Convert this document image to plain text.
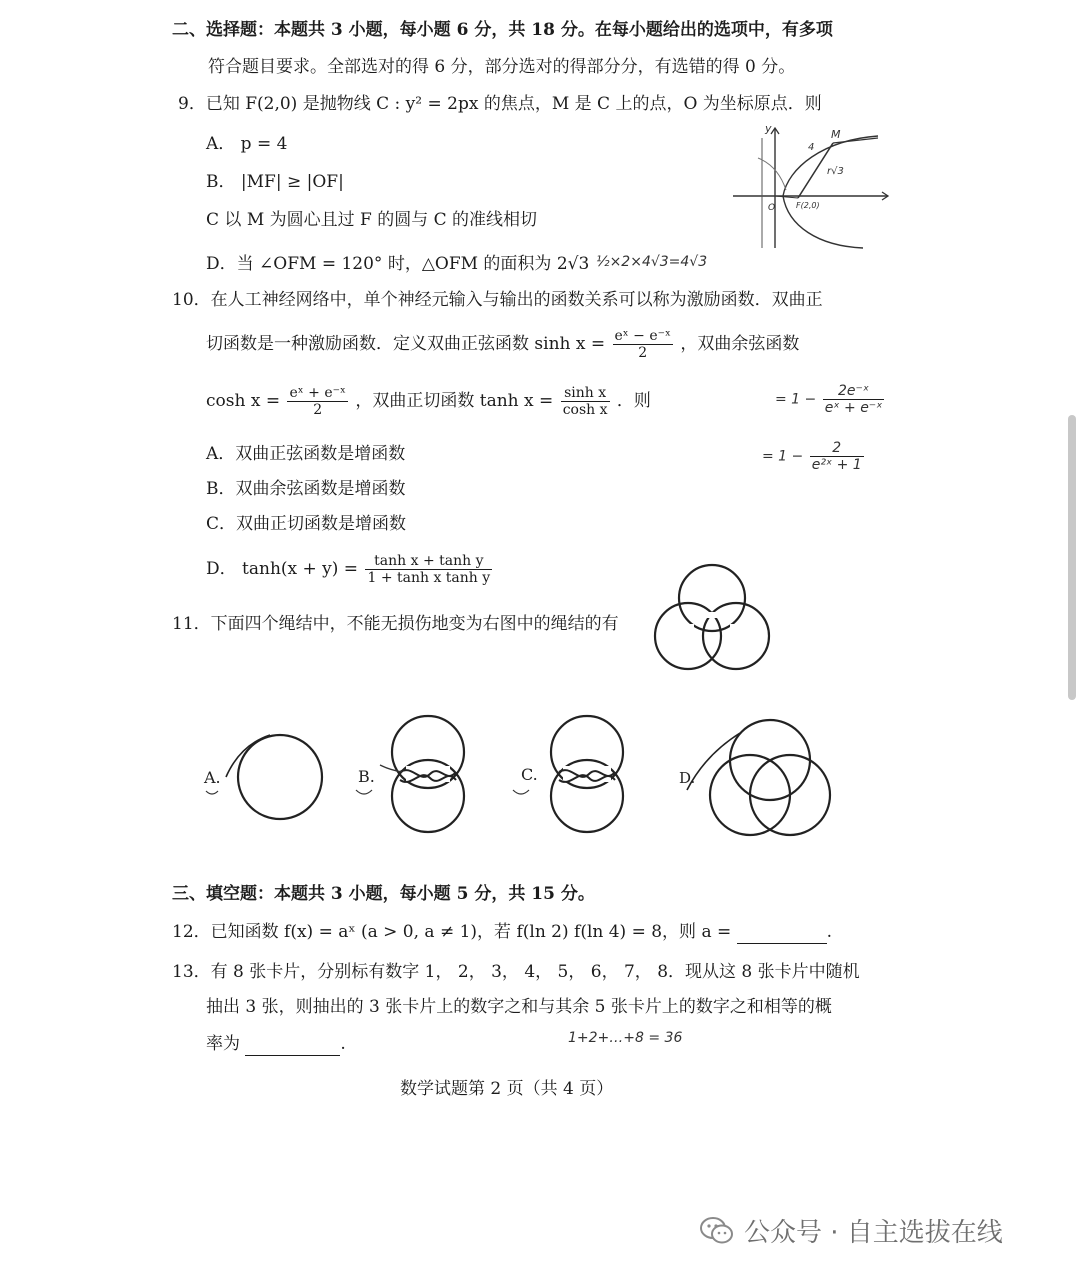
二、选择题：本题共 3 小题，每小题 6 分，共 18 分。在每小题给出的选项中，有多项
符合题目要求。全部选对的得 6 分，部分选对的得部分分，有选错的得 0 分。
9．已知 F(2,0) 是抛物线 C : y² = 2px 的焦点，M 是 C 上的点，O 为坐标原点．则
A． p = 4
B． |MF| ≥ |OF|
C 以 M 为圆心且过 F 的圆与 C 的准线相切
D．当 ∠OFM = 120° 时，△OFM 的面积为 2√3 ½×2×4√3=4√3
y	M
4
r√3
F(2,0)
O
10．在人工神经网络中，单个神经元输入与输出的函数关系可以称为激励函数．双曲正
切函数是一种激励函数．定义双曲正弦函数 $\sinh x = \frac{\text{eˣ − e⁻ˣ}}{2}$ ，双曲余弦函数
$\cosh x = \frac{\text{eˣ + e⁻ˣ}}{2}$ ，双曲正切函数 $\tanh x = \frac{\text{sinh x}}{\text{cosh x}}$ ．则	= $1 - \frac{\text{2e⁻ˣ}}{\text{eˣ + e⁻ˣ}}$
= $1 - \frac{2}{\text{e²ˣ + 1}}$
A．双曲正弦函数是增函数
B．双曲余弦函数是增函数
C．双曲正切函数是增函数
D． $\tanh(x + y) = \frac{\text{tanh x + tanh y}}{\text{1 + tanh x tanh y}}$
11．下面四个绳结中，不能无损伤地变为右图中的绳结的有
A.	B.	C.	D.
三、填空题：本题共 3 小题，每小题 5 分，共 15 分。
12．已知函数 f(x) = aˣ (a > 0, a ≠ 1)，若 f(ln 2) f(ln 4) = 8，则 a =	.
13．有 8 张卡片，分别标有数字 1， 2， 3， 4， 5， 6， 7， 8．现从这 8 张卡片中随机
抽出 3 张，则抽出的 3 张卡片上的数字之和与其余 5 张卡片上的数字之和相等的概
率为	.	1+2+…+8 = 36
数学试题第 2 页（共 4 页）
公众号 · 自主选拔在线
